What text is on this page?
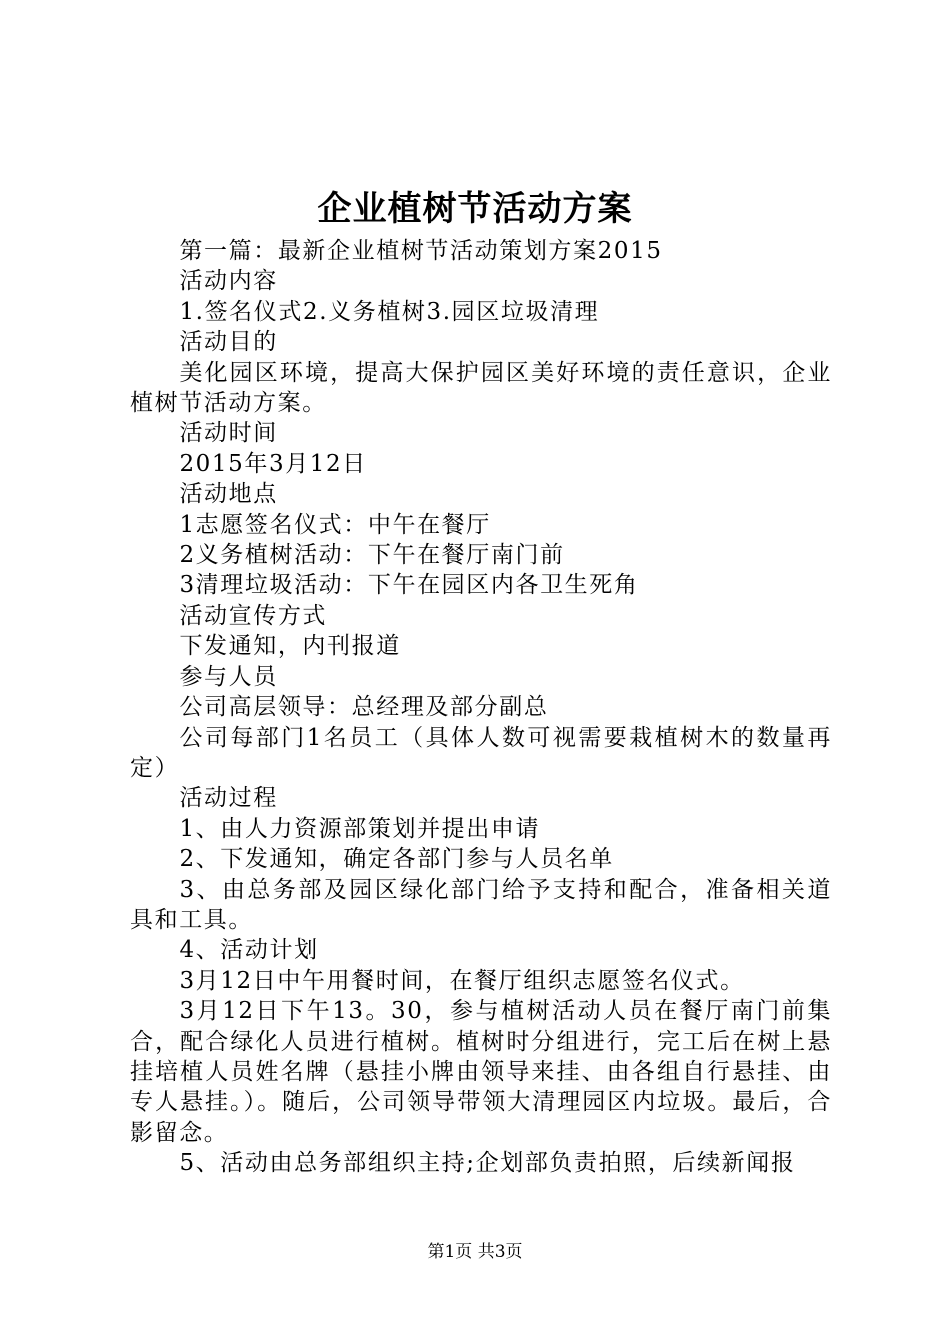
企业植树节活动方案

第一篇：最新企业植树节活动策划方案2015

活动内容

1.签名仪式2.义务植树3.园区垃圾清理

活动目的

美化园区环境，提高大保护园区美好环境的责任意识，企业植树节活动方案。

活动时间

2015年3月12日

活动地点

1志愿签名仪式：中午在餐厅

2义务植树活动：下午在餐厅南门前

3清理垃圾活动：下午在园区内各卫生死角

活动宣传方式

下发通知，内刊报道

参与人员

公司高层领导：总经理及部分副总

公司每部门1名员工（具体人数可视需要栽植树木的数量再定）

活动过程

1、由人力资源部策划并提出申请

2、下发通知，确定各部门参与人员名单

3、由总务部及园区绿化部门给予支持和配合，准备相关道具和工具。

4、活动计划

3月12日中午用餐时间，在餐厅组织志愿签名仪式。

3月12日下午13。30，参与植树活动人员在餐厅南门前集合，配合绿化人员进行植树。植树时分组进行，完工后在树上悬挂培植人员姓名牌（悬挂小牌由领导来挂、由各组自行悬挂、由专人悬挂。）。随后，公司领导带领大清理园区内垃圾。最后，合影留念。

5、活动由总务部组织主持;企划部负责拍照，后续新闻报

第1页 共3页
